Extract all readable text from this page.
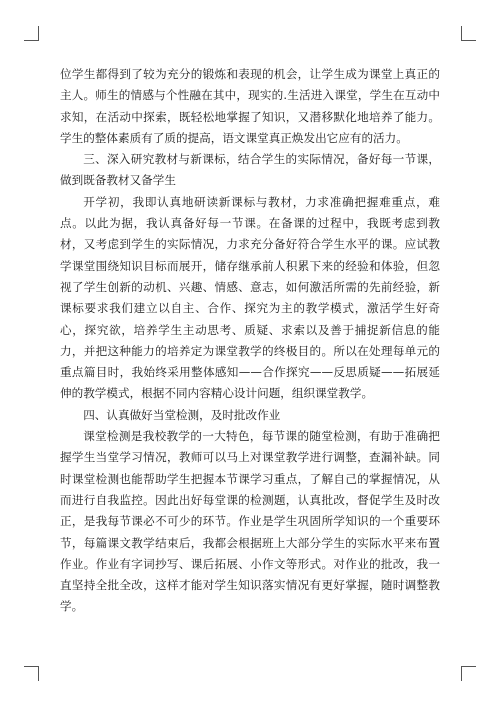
位学生都得到了较为充分的锻炼和表现的机会，让学生成为课堂上真正的主人。师生的情感与个性融在其中，现实的.生活进入课堂，学生在互动中求知，在活动中探索，既轻松地掌握了知识，又潜移默化地培养了能力。学生的整体素质有了质的提高，语文课堂真正焕发出它应有的活力。

三、深入研究教材与新课标，结合学生的实际情况，备好每一节课，做到既备教材又备学生

开学初，我即认真地研读新课标与教材，力求准确把握难重点，难点。以此为据，我认真备好每一节课。在备课的过程中，我既考虑到教材，又考虑到学生的实际情况，力求充分备好符合学生水平的课。应试教学课堂围绕知识目标而展开，储存继承前人积累下来的经验和体验，但忽视了学生创新的动机、兴趣、情感、意志，如何激活所需的先前经验，新课标要求我们建立以自主、合作、探究为主的教学模式，激活学生好奇心，探究欲，培养学生主动思考、质疑、求索以及善于捕捉新信息的能力，并把这种能力的培养定为课堂教学的终极目的。所以在处理每单元的重点篇目时，我始终采用整体感知——合作探究——反思质疑——拓展延伸的教学模式，根据不同内容精心设计问题，组织课堂教学。

四、认真做好当堂检测，及时批改作业

课堂检测是我校教学的一大特色，每节课的随堂检测，有助于准确把握学生当堂学习情况，教师可以马上对课堂教学进行调整，查漏补缺。同时课堂检测也能帮助学生把握本节课学习重点，了解自己的掌握情况，从而进行自我监控。因此出好每堂课的检测题，认真批改，督促学生及时改正，是我每节课必不可少的环节。作业是学生巩固所学知识的一个重要环节，每篇课文教学结束后，我都会根据班上大部分学生的实际水平来布置作业。作业有字词抄写、课后拓展、小作文等形式。对作业的批改，我一直坚持全批全改，这样才能对学生知识落实情况有更好掌握，随时调整教学。
